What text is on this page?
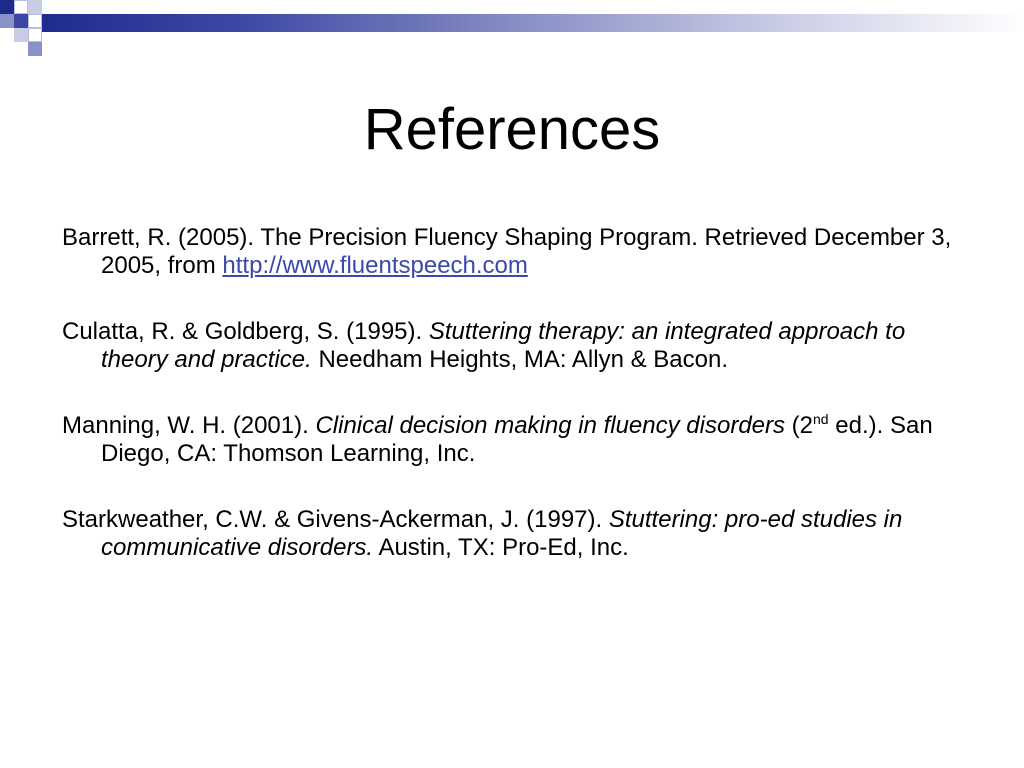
References

Barrett, R. (2005). The Precision Fluency Shaping Program. Retrieved December 3, 2005, from http://www.fluentspeech.com

Culatta, R. & Goldberg, S. (1995). Stuttering therapy: an integrated approach to theory and practice. Needham Heights, MA: Allyn & Bacon.

Manning, W. H. (2001). Clinical decision making in fluency disorders (2nd ed.). San Diego, CA: Thomson Learning, Inc.

Starkweather, C.W. & Givens-Ackerman, J. (1997). Stuttering: pro-ed studies in communicative disorders. Austin, TX: Pro-Ed, Inc.
